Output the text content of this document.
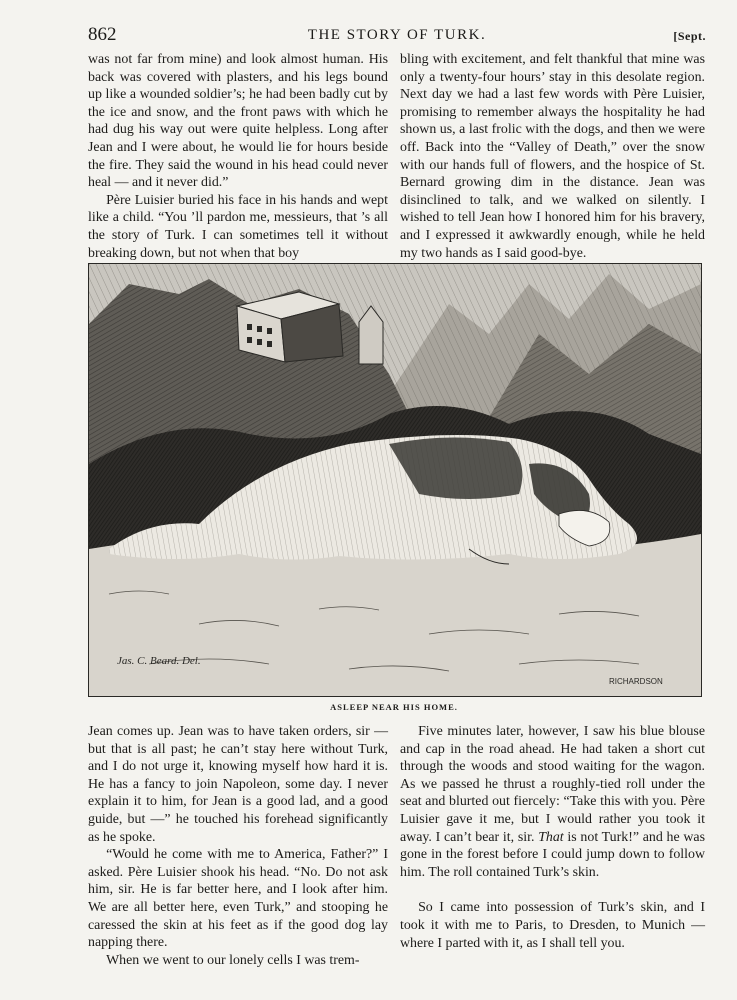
862	THE STORY OF TURK.	[Sept.

was not far from mine) and look almost human. His back was covered with plasters, and his legs bound up like a wounded soldier’s; he had been badly cut by the ice and snow, and the front paws with which he had dug his way out were quite helpless. Long after Jean and I were about, he would lie for hours beside the fire. They said the wound in his head could never heal — and it never did.”

Père Luisier buried his face in his hands and wept like a child. “You ’ll pardon me, messieurs, that ’s all the story of Turk. I can sometimes tell it without breaking down, but not when that boy

bling with excitement, and felt thankful that mine was only a twenty-four hours’ stay in this desolate region. Next day we had a last few words with Père Luisier, promising to remember always the hospitality he had shown us, a last frolic with the dogs, and then we were off. Back into the “Valley of Death,” over the snow with our hands full of flowers, and the hospice of St. Bernard growing dim in the distance. Jean was disinclined to talk, and we walked on silently. I wished to tell Jean how I honored him for his bravery, and I expressed it awkwardly enough, while he held my two hands as I said good-bye.

Jas. C. Beard. Del.
RICHARDSON
ASLEEP NEAR HIS HOME.

Jean comes up. Jean was to have taken orders, sir — but that is all past; he can’t stay here without Turk, and I do not urge it, knowing myself how hard it is. He has a fancy to join Napoleon, some day. I never explain it to him, for Jean is a good lad, and a good guide, but —” he touched his forehead significantly as he spoke.

“Would he come with me to America, Father?” I asked. Père Luisier shook his head. “No. Do not ask him, sir. He is far better here, and I look after him. We are all better here, even Turk,” and stooping he caressed the skin at his feet as if the good dog lay napping there.

When we went to our lonely cells I was trem-

Five minutes later, however, I saw his blue blouse and cap in the road ahead. He had taken a short cut through the woods and stood waiting for the wagon. As we passed he thrust a roughly-tied roll under the seat and blurted out fiercely: “Take this with you. Père Luisier gave it me, but I would rather you took it away. I can’t bear it, sir. That is not Turk!” and he was gone in the forest before I could jump down to follow him. The roll contained Turk’s skin.

So I came into possession of Turk’s skin, and I took it with me to Paris, to Dresden, to Munich — where I parted with it, as I shall tell you.
